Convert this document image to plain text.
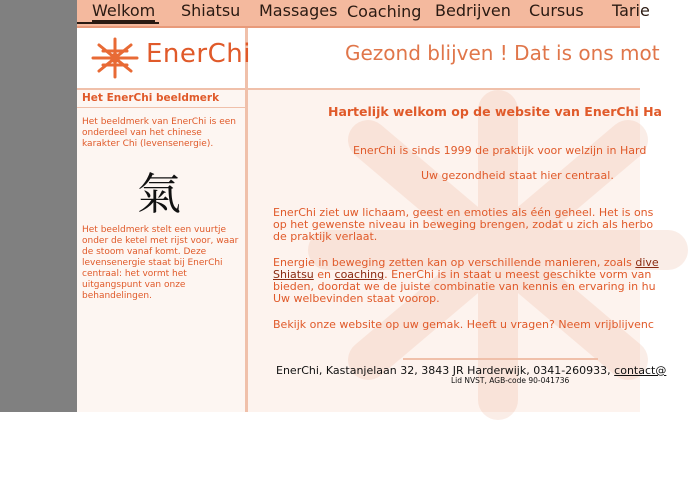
Welkom Shiatsu Massages Coaching Bedrijven Cursus Tarie
EnerChi	Gezond blijven ! Dat is ons mot
Het EnerChi beeldmerk
Het beeldmerk van EnerChi is een onderdeel van het chinese karakter Chi (levensenergie).
氣
Het beeldmerk stelt een vuurtje onder de ketel met rijst voor, waar de stoom vanaf komt. Deze levensenergie staat bij EnerChi centraal: het vormt het uitgangspunt van onze behandelingen.
Hartelijk welkom op de website van EnerChi Ha
EnerChi is sinds 1999 de praktijk voor welzijn in Hard
Uw gezondheid staat hier centraal.
EnerChi ziet uw lichaam, geest en emoties als één geheel. Het is ons
op het gewenste niveau in beweging brengen, zodat u zich als herbo
de praktijk verlaat.
Energie in beweging zetten kan op verschillende manieren, zoals dive
Shiatsu en coaching. EnerChi is in staat u meest geschikte vorm van
bieden, doordat we de juiste combinatie van kennis en ervaring in hu
Uw welbevinden staat voorop.
Bekijk onze website op uw gemak. Heeft u vragen? Neem vrijblijvenc
EnerChi, Kastanjelaan 32, 3843 JR Harderwijk, 0341-260933, contact@
Lid NVST, AGB-code 90-041736
